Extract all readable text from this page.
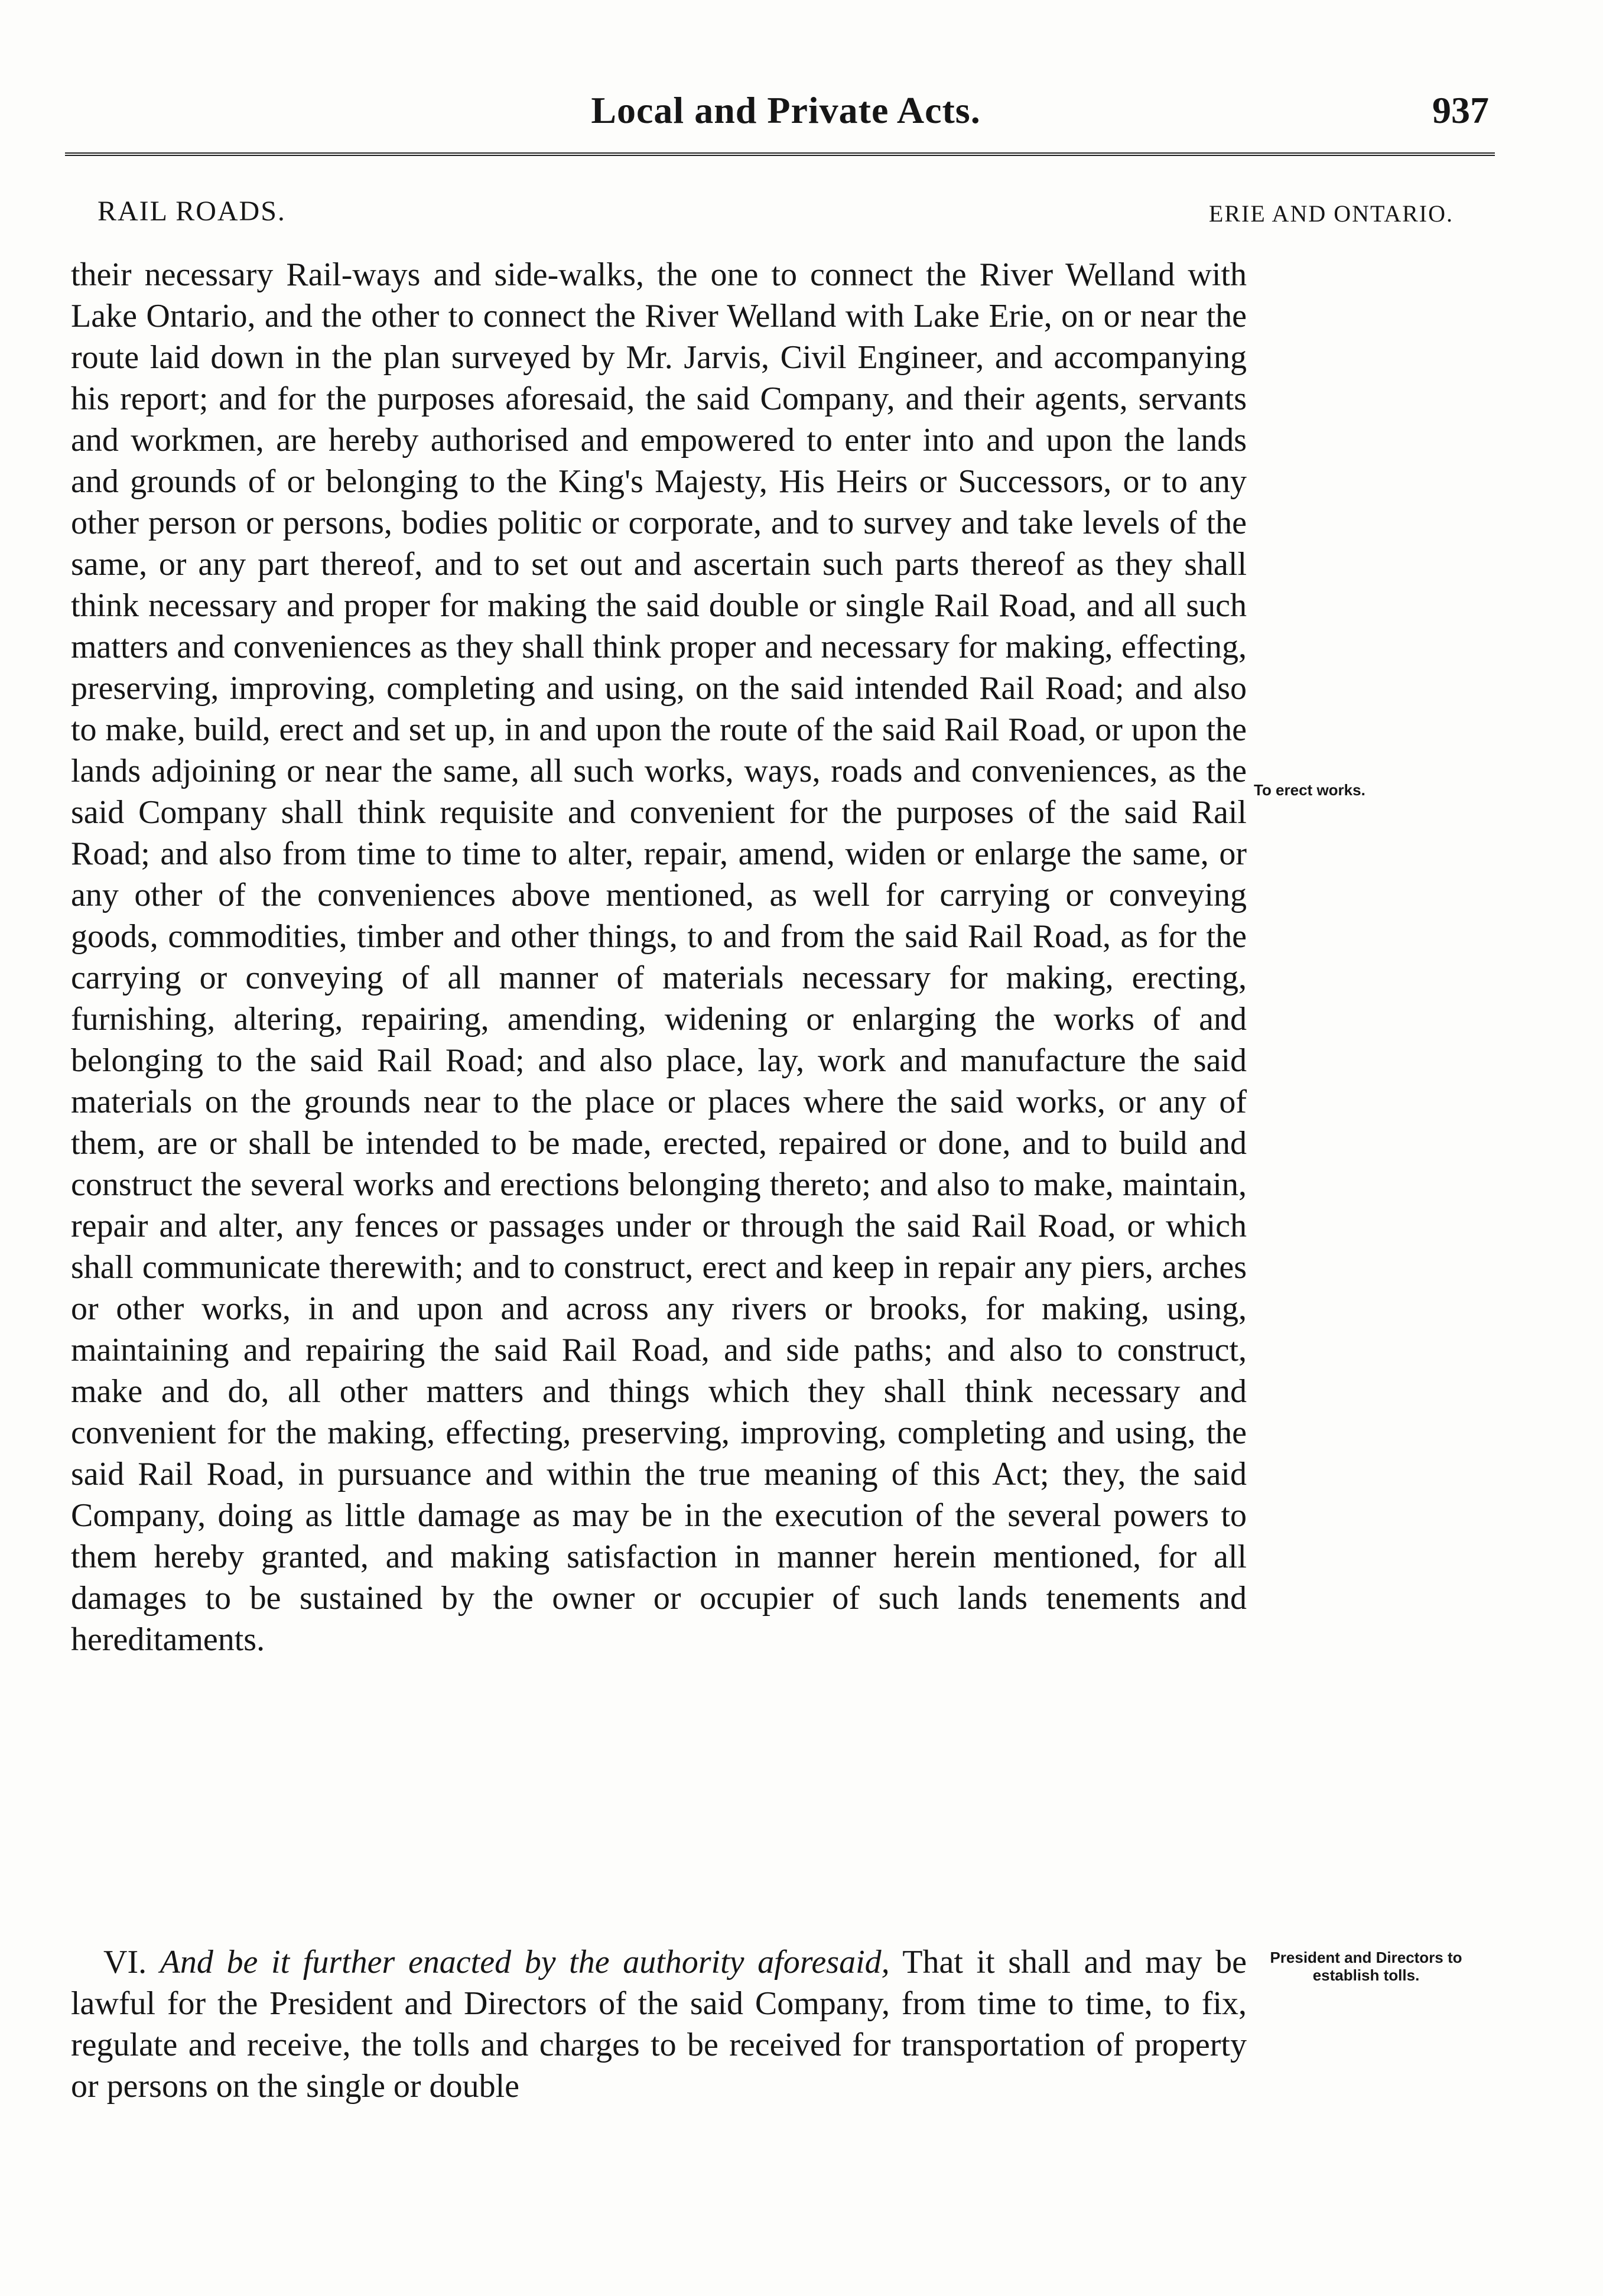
Local and Private Acts.	937
RAIL ROADS.	ERIE AND ONTARIO.
their necessary Rail-ways and side-walks, the one to connect the River Welland with Lake Ontario, and the other to connect the River Welland with Lake Erie, on or near the route laid down in the plan surveyed by Mr. Jarvis, Civil Engineer, and accompanying his report; and for the purposes aforesaid, the said Company, and their agents, servants and workmen, are hereby authorised and empowered to enter into and upon the lands and grounds of or belonging to the King's Majesty, His Heirs or Successors, or to any other person or persons, bodies politic or corporate, and to survey and take levels of the same, or any part thereof, and to set out and ascertain such parts thereof as they shall think necessary and proper for making the said double or single Rail Road, and all such matters and conveniences as they shall think proper and necessary for making, effecting, preserving, improving, completing and using, on the said intended Rail Road; and also to make, build, erect and set up, in and upon the route of the said Rail Road, or upon the lands adjoining or near the same, all such works, ways, roads and conveniences, as the said Company shall think requisite and convenient for the purposes of the said Rail Road; and also from time to time to alter, repair, amend, widen or enlarge the same, or any other of the conveniences above mentioned, as well for carrying or conveying goods, commodities, timber and other things, to and from the said Rail Road, as for the carrying or conveying of all manner of materials necessary for making, erecting, furnishing, altering, repairing, amending, widening or enlarging the works of and belonging to the said Rail Road; and also place, lay, work and manufacture the said materials on the grounds near to the place or places where the said works, or any of them, are or shall be intended to be made, erected, repaired or done, and to build and construct the several works and erections belonging thereto; and also to make, maintain, repair and alter, any fences or passages under or through the said Rail Road, or which shall communicate therewith; and to construct, erect and keep in repair any piers, arches or other works, in and upon and across any rivers or brooks, for making, using, maintaining and repairing the said Rail Road, and side paths; and also to construct, make and do, all other matters and things which they shall think necessary and convenient for the making, effecting, preserving, improving, completing and using, the said Rail Road, in pursuance and within the true meaning of this Act; they, the said Company, doing as little damage as may be in the execution of the several powers to them hereby granted, and making satisfaction in manner herein mentioned, for all damages to be sustained by the owner or occupier of such lands tenements and hereditaments.
To erect works.
VI. And be it further enacted by the authority aforesaid, That it shall and may be lawful for the President and Directors of the said Company, from time to time, to fix, regulate and receive, the tolls and charges to be received for transportation of property or persons on the single or double
President and Directors to establish tolls.
